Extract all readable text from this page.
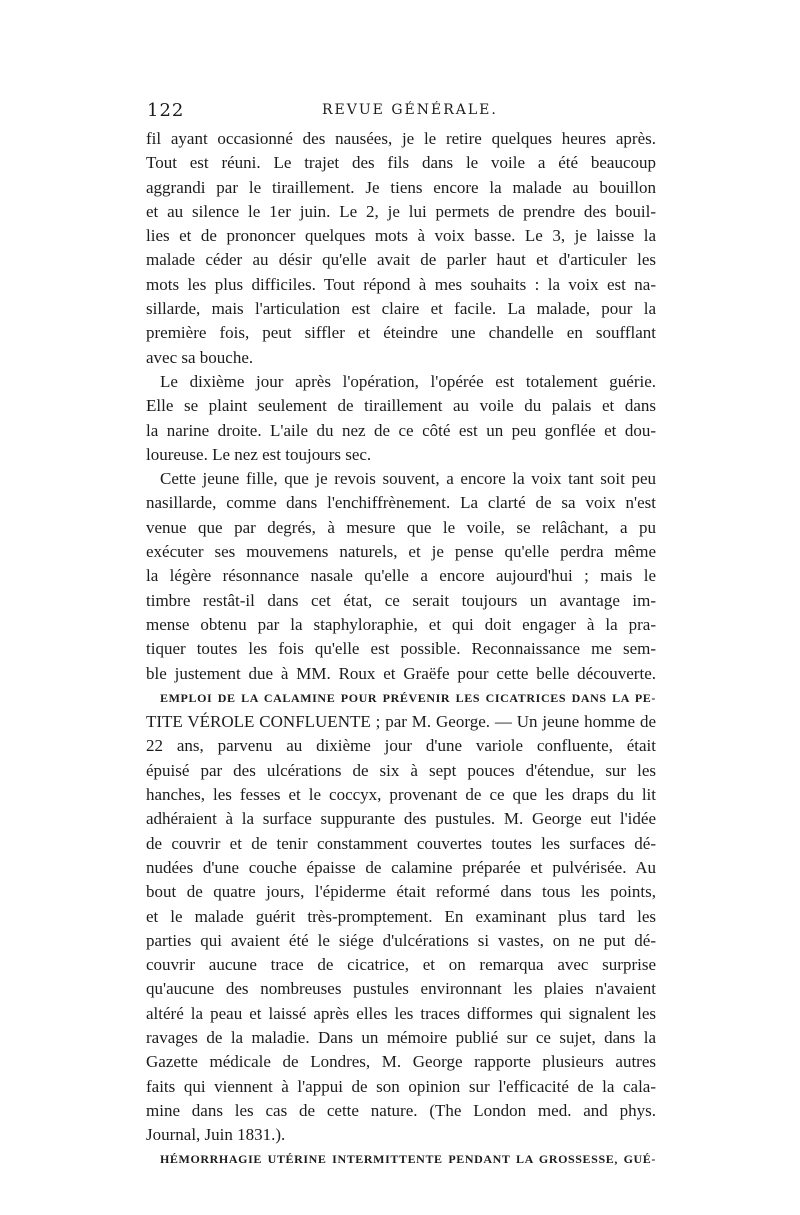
122	REVUE GÉNÉRALE.
fil ayant occasionné des nausées, je le retire quelques heures après.
Tout est réuni. Le trajet des fils dans le voile a été beaucoup
aggrandi par le tiraillement. Je tiens encore la malade au bouillon
et au silence le 1er juin. Le 2, je lui permets de prendre des bouil-
lies et de prononcer quelques mots à voix basse. Le 3, je laisse la
malade céder au désir qu'elle avait de parler haut et d'articuler les
mots les plus difficiles. Tout répond à mes souhaits : la voix est na-
sillarde, mais l'articulation est claire et facile. La malade, pour la
première fois, peut siffler et éteindre une chandelle en soufflant
avec sa bouche.
Le dixième jour après l'opération, l'opérée est totalement guérie.
Elle se plaint seulement de tiraillement au voile du palais et dans
la narine droite. L'aile du nez de ce côté est un peu gonflée et dou-
loureuse. Le nez est toujours sec.
Cette jeune fille, que je revois souvent, a encore la voix tant soit peu
nasillarde, comme dans l'enchiffrènement. La clarté de sa voix n'est
venue que par degrés, à mesure que le voile, se relâchant, a pu
exécuter ses mouvemens naturels, et je pense qu'elle perdra même
la légère résonnance nasale qu'elle a encore aujourd'hui ; mais le
timbre restât-il dans cet état, ce serait toujours un avantage im-
mense obtenu par la staphyloraphie, et qui doit engager à la pra-
tiquer toutes les fois qu'elle est possible. Reconnaissance me sem-
ble justement due à MM. Roux et Graëfe pour cette belle découverte.
EMPLOI DE LA CALAMINE POUR PRÉVENIR LES CICATRICES DANS LA PE-
TITE VÉROLE CONFLUENTE ; par M. George. — Un jeune homme de
22 ans, parvenu au dixième jour d'une variole confluente, était
épuisé par des ulcérations de six à sept pouces d'étendue, sur les
hanches, les fesses et le coccyx, provenant de ce que les draps du lit
adhéraient à la surface suppurante des pustules. M. George eut l'idée
de couvrir et de tenir constamment couvertes toutes les surfaces dé-
nudées d'une couche épaisse de calamine préparée et pulvérisée. Au
bout de quatre jours, l'épiderme était reformé dans tous les points,
et le malade guérit très-promptement. En examinant plus tard les
parties qui avaient été le siége d'ulcérations si vastes, on ne put dé-
couvrir aucune trace de cicatrice, et on remarqua avec surprise
qu'aucune des nombreuses pustules environnant les plaies n'avaient
altéré la peau et laissé après elles les traces difformes qui signalent les
ravages de la maladie. Dans un mémoire publié sur ce sujet, dans la
Gazette médicale de Londres, M. George rapporte plusieurs autres
faits qui viennent à l'appui de son opinion sur l'efficacité de la cala-
mine dans les cas de cette nature. (The London med. and phys.
Journal, Juin 1831.).
HÉMORRHAGIE UTÉRINE INTERMITTENTE PENDANT LA GROSSESSE, GUÉ-
